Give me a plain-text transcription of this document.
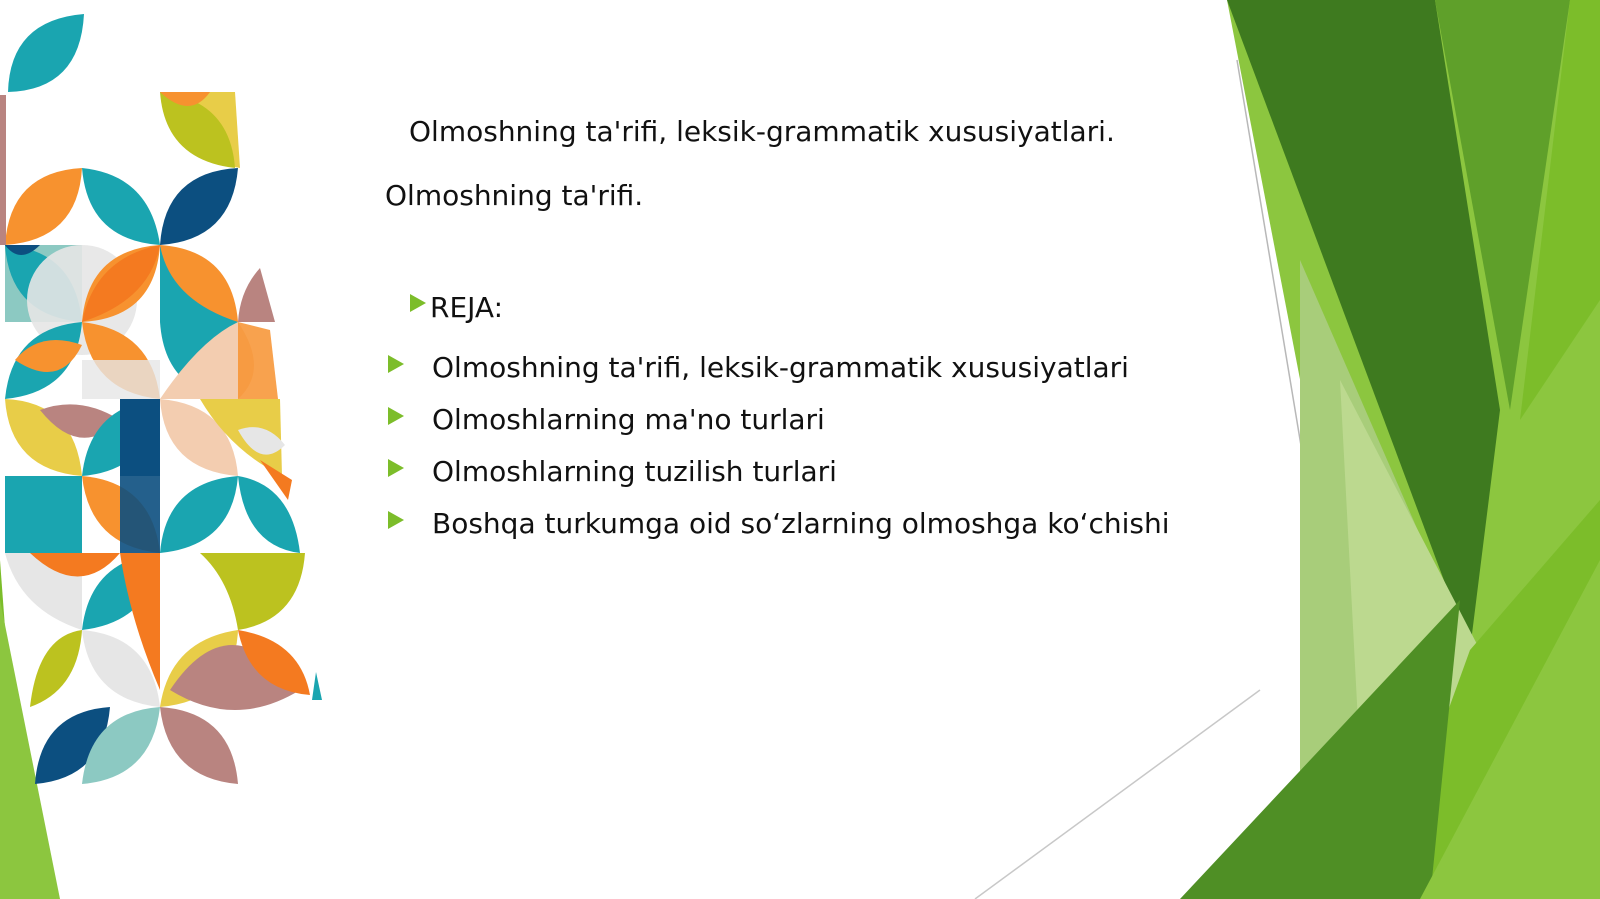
Olmoshning ta'rifi, leksik-grammatik xususiyatlari.

Olmoshning ta'rifi.

REJA:
Olmoshning ta'rifi, leksik-grammatik xususiyatlari
Olmoshlarning ma'no turlari
Olmoshlarning tuzilish turlari
Boshqa turkumga oid so‘zlarning olmoshga ko‘chishi
